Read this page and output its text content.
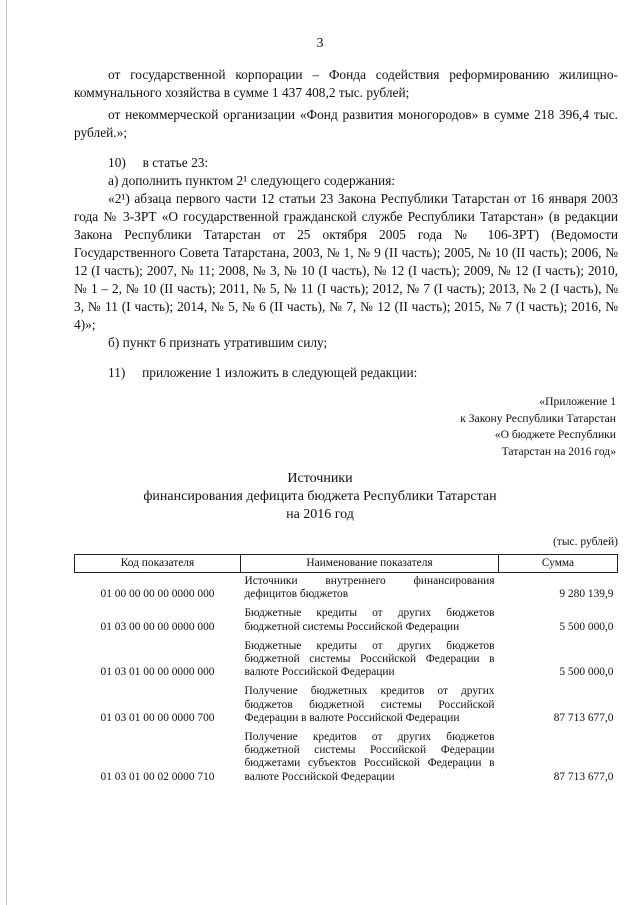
3
от государственной корпорации – Фонда содействия реформированию жилищно-коммунального хозяйства в сумме 1 437 408,2 тыс. рублей;
от некоммерческой организации «Фонд развития моногородов» в сумме 218 396,4 тыс. рублей.»;
10)     в статье 23:
а) дополнить пунктом 2¹ следующего содержания:
«2¹) абзаца первого части 12 статьи 23 Закона Республики Татарстан от 16 января 2003 года № 3-ЗРТ «О государственной гражданской службе Республики Татарстан» (в редакции Закона Республики Татарстан от 25 октября 2005 года № 106-ЗРТ) (Ведомости Государственного Совета Татарстана, 2003, № 1, № 9 (II часть); 2005, № 10 (II часть); 2006, № 12 (I часть); 2007, № 11; 2008, № 3, № 10 (I часть), № 12 (I часть); 2009, № 12 (I часть); 2010, № 1 – 2, № 10 (II часть); 2011, № 5, № 11 (I часть); 2012, № 7 (I часть); 2013, № 2 (I часть), № 3, № 11 (I часть); 2014, № 5, № 6 (II часть), № 7, № 12 (II часть); 2015, № 7 (I часть); 2016, № 4)»;
б) пункт 6 признать утратившим силу;
11)     приложение 1 изложить в следующей редакции:
«Приложение 1
к Закону Республики Татарстан
«О бюджете Республики
Татарстан на 2016 год»
Источники
финансирования дефицита бюджета Республики Татарстан
на 2016 год
(тыс. рублей)
Код показателя	Наименование показателя	Сумма
01 00 00 00 00 0000 000	Источники внутреннего финансирования дефицитов бюджетов	9 280 139,9
01 03 00 00 00 0000 000	Бюджетные кредиты от других бюджетов бюджетной системы Российской Федерации	5 500 000,0
01 03 01 00 00 0000 000	Бюджетные кредиты от других бюджетов бюджетной системы Российской Федерации в валюте Российской Федерации	5 500 000,0
01 03 01 00 00 0000 700	Получение бюджетных кредитов от других бюджетов бюджетной системы Российской Федерации в валюте Российской Федерации	87 713 677,0
01 03 01 00 02 0000 710	Получение кредитов от других бюджетов бюджетной системы Российской Федерации бюджетами субъектов Российской Федерации в валюте Российской Федерации	87 713 677,0
